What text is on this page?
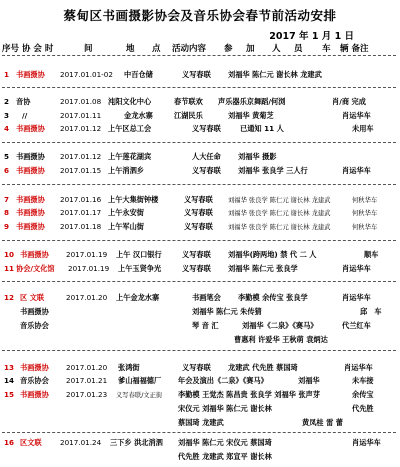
蔡甸区书画摄影协会及音乐协会春节前活动安排
2017 年 1 月 1 日
序号 协 会 时	间	地 点 活动内容 参 加 人 员 车 辆 备注
1 书画摄协 2017.01.01-02 中百仓储	义写春联 刘福华 陈仁元 谢长林 龙建武
2 音协	2017.01.08 沌阳文化中心	春节联欢 声乐器乐京舞蹈/何浏	肖/商 完成
3 //	2017.01.11	金龙水寨	江湖民乐	刘福华 黄菊芝	肖运华车
4 书画摄协 2017.01.12 上午区总工会	义写春联	已通知 11 人	未用车
5 书画摄协 2017.01.12 上午莲花湖宾	人大任命 刘福华 摄影
6 书画摄协 2017.01.15 上午消泗乡	义写春联 刘福华 张良学 三人行	肖运华车
7 书画摄协 2017.01.16 上午大集街钟楼	义写春联 刘福华 张良学 陈仁元 谢长林 龙建武	何秋华车
8 书画摄协 2017.01.17 上午永安街	义写春联 刘福华 张良学 陈仁元 谢长林 龙建武	何秋华车
9 书画摄协 2017.01.18 上午军山街	义写春联 刘福华 张良学 陈仁元 谢长林 龙建武	何秋华车
10 书画摄协 2017.01.19 上午 汉口银行	义写春联 刘福华(跨两地) 禁 代 二 人	顺车
11 协会/文化馆 2017.01.19 上午玉贤争光	义写春联 刘福华 陈仁元 张良学	肖运华车
12 区 文联	2017.01.20 上午金龙水寨	书画笔会 李勤模 余传宝 张良学	肖运华车
书画摄协	刘福华 陈仁元 朱传猜	邱　车
音乐协会	琴 音 汇	刘福华《二泉》《赛马》	代兰红车
曹惠利 许爱华 王秋萌 袁炳达
13 书画摄协 2017.01.20 张鸿街	义写春联 龙建武 代先胜 蔡国琦	肖运华车
14 音乐协会 2017.01.21 爹山福福德厂 年会及演出《二泉》《赛马》	刘福华	未车接
15 书画摄协 2017.01.23 义写春联/文正街 李勤模 王觉杰 陈昌贵 张良学 刘福华 张声芽	余传宝
宋仪元 刘福华 陈仁元 谢长林	代先胜
蔡国琦 龙建武	黄凤桂 雷 蕾
16 区文联	2017.01.24 三下乡 洪北消泗 刘福华 陈仁元 宋仪元 蔡国琦	肖运华车
代先胜 龙建武 郑宣平 谢长林
